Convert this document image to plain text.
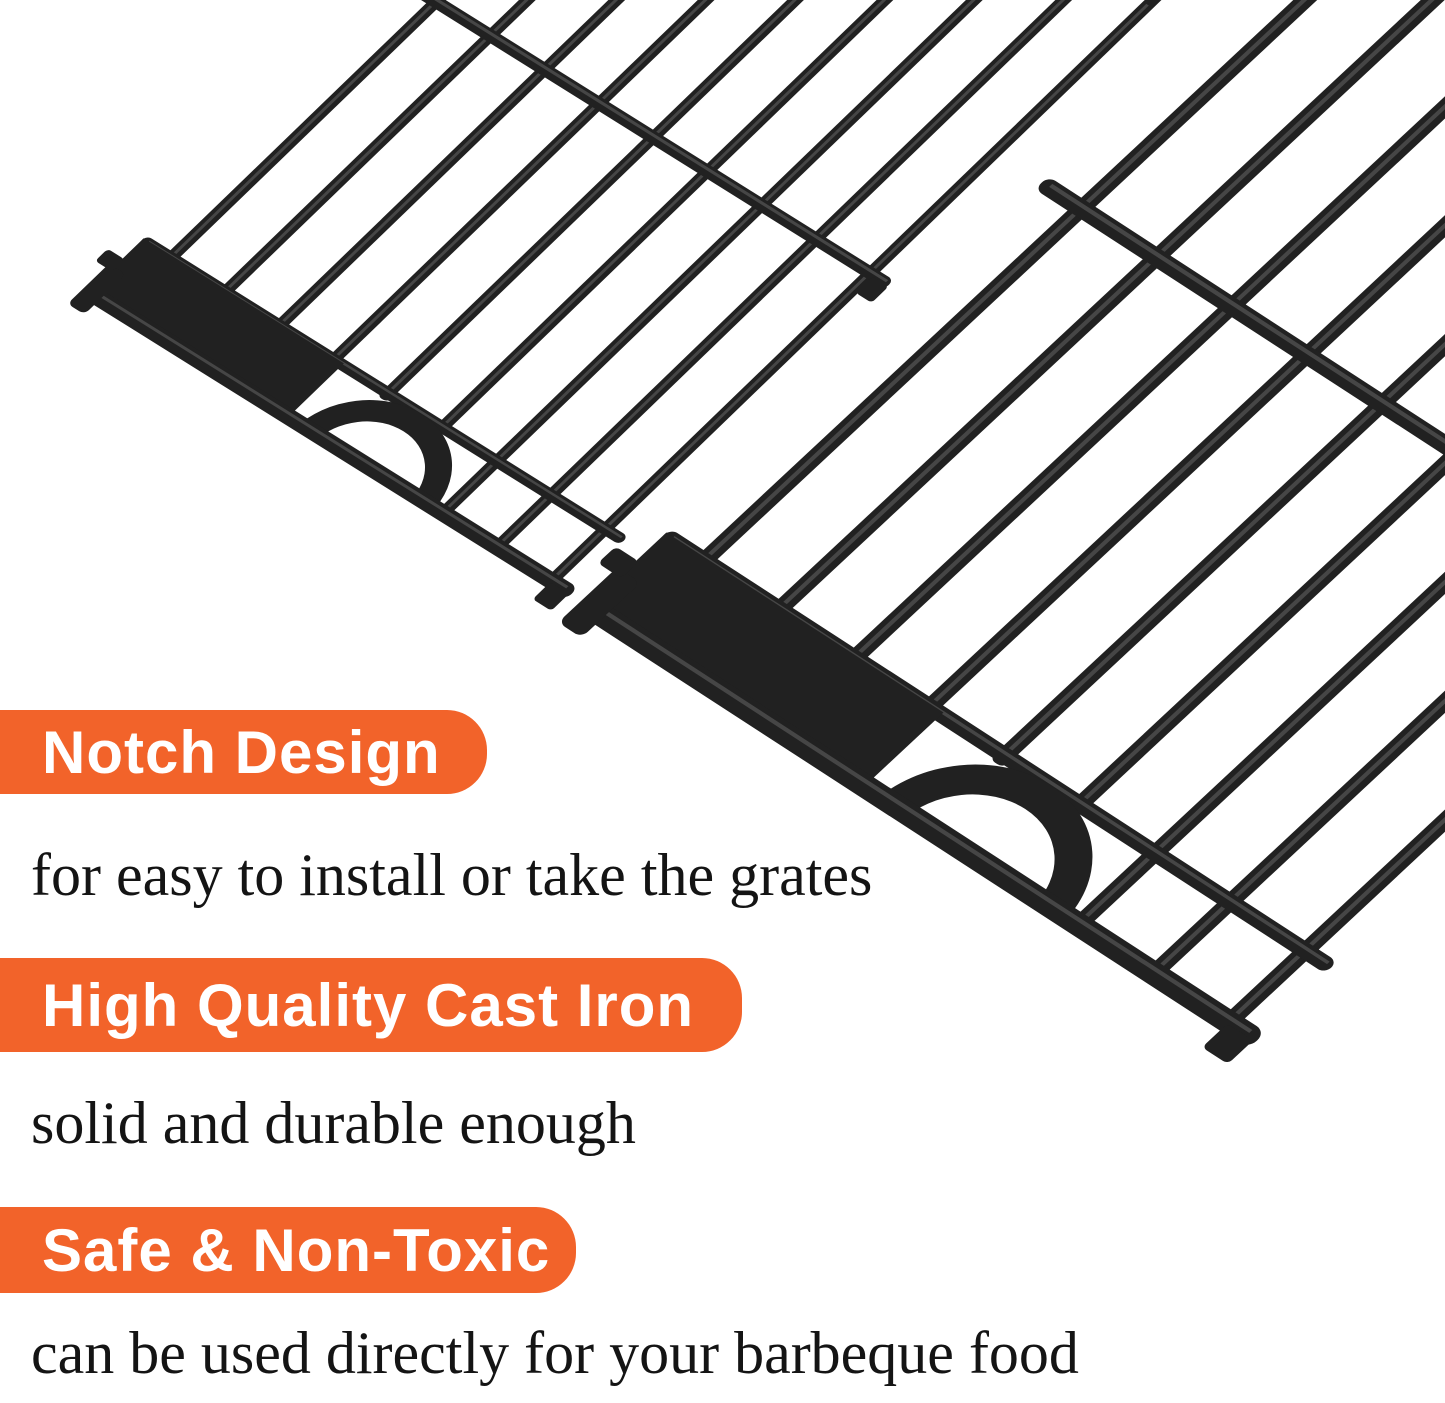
Notch Design
for easy to install or take the grates
High Quality Cast Iron
solid and durable enough
Safe & Non-Toxic
can be used directly for your barbeque food
